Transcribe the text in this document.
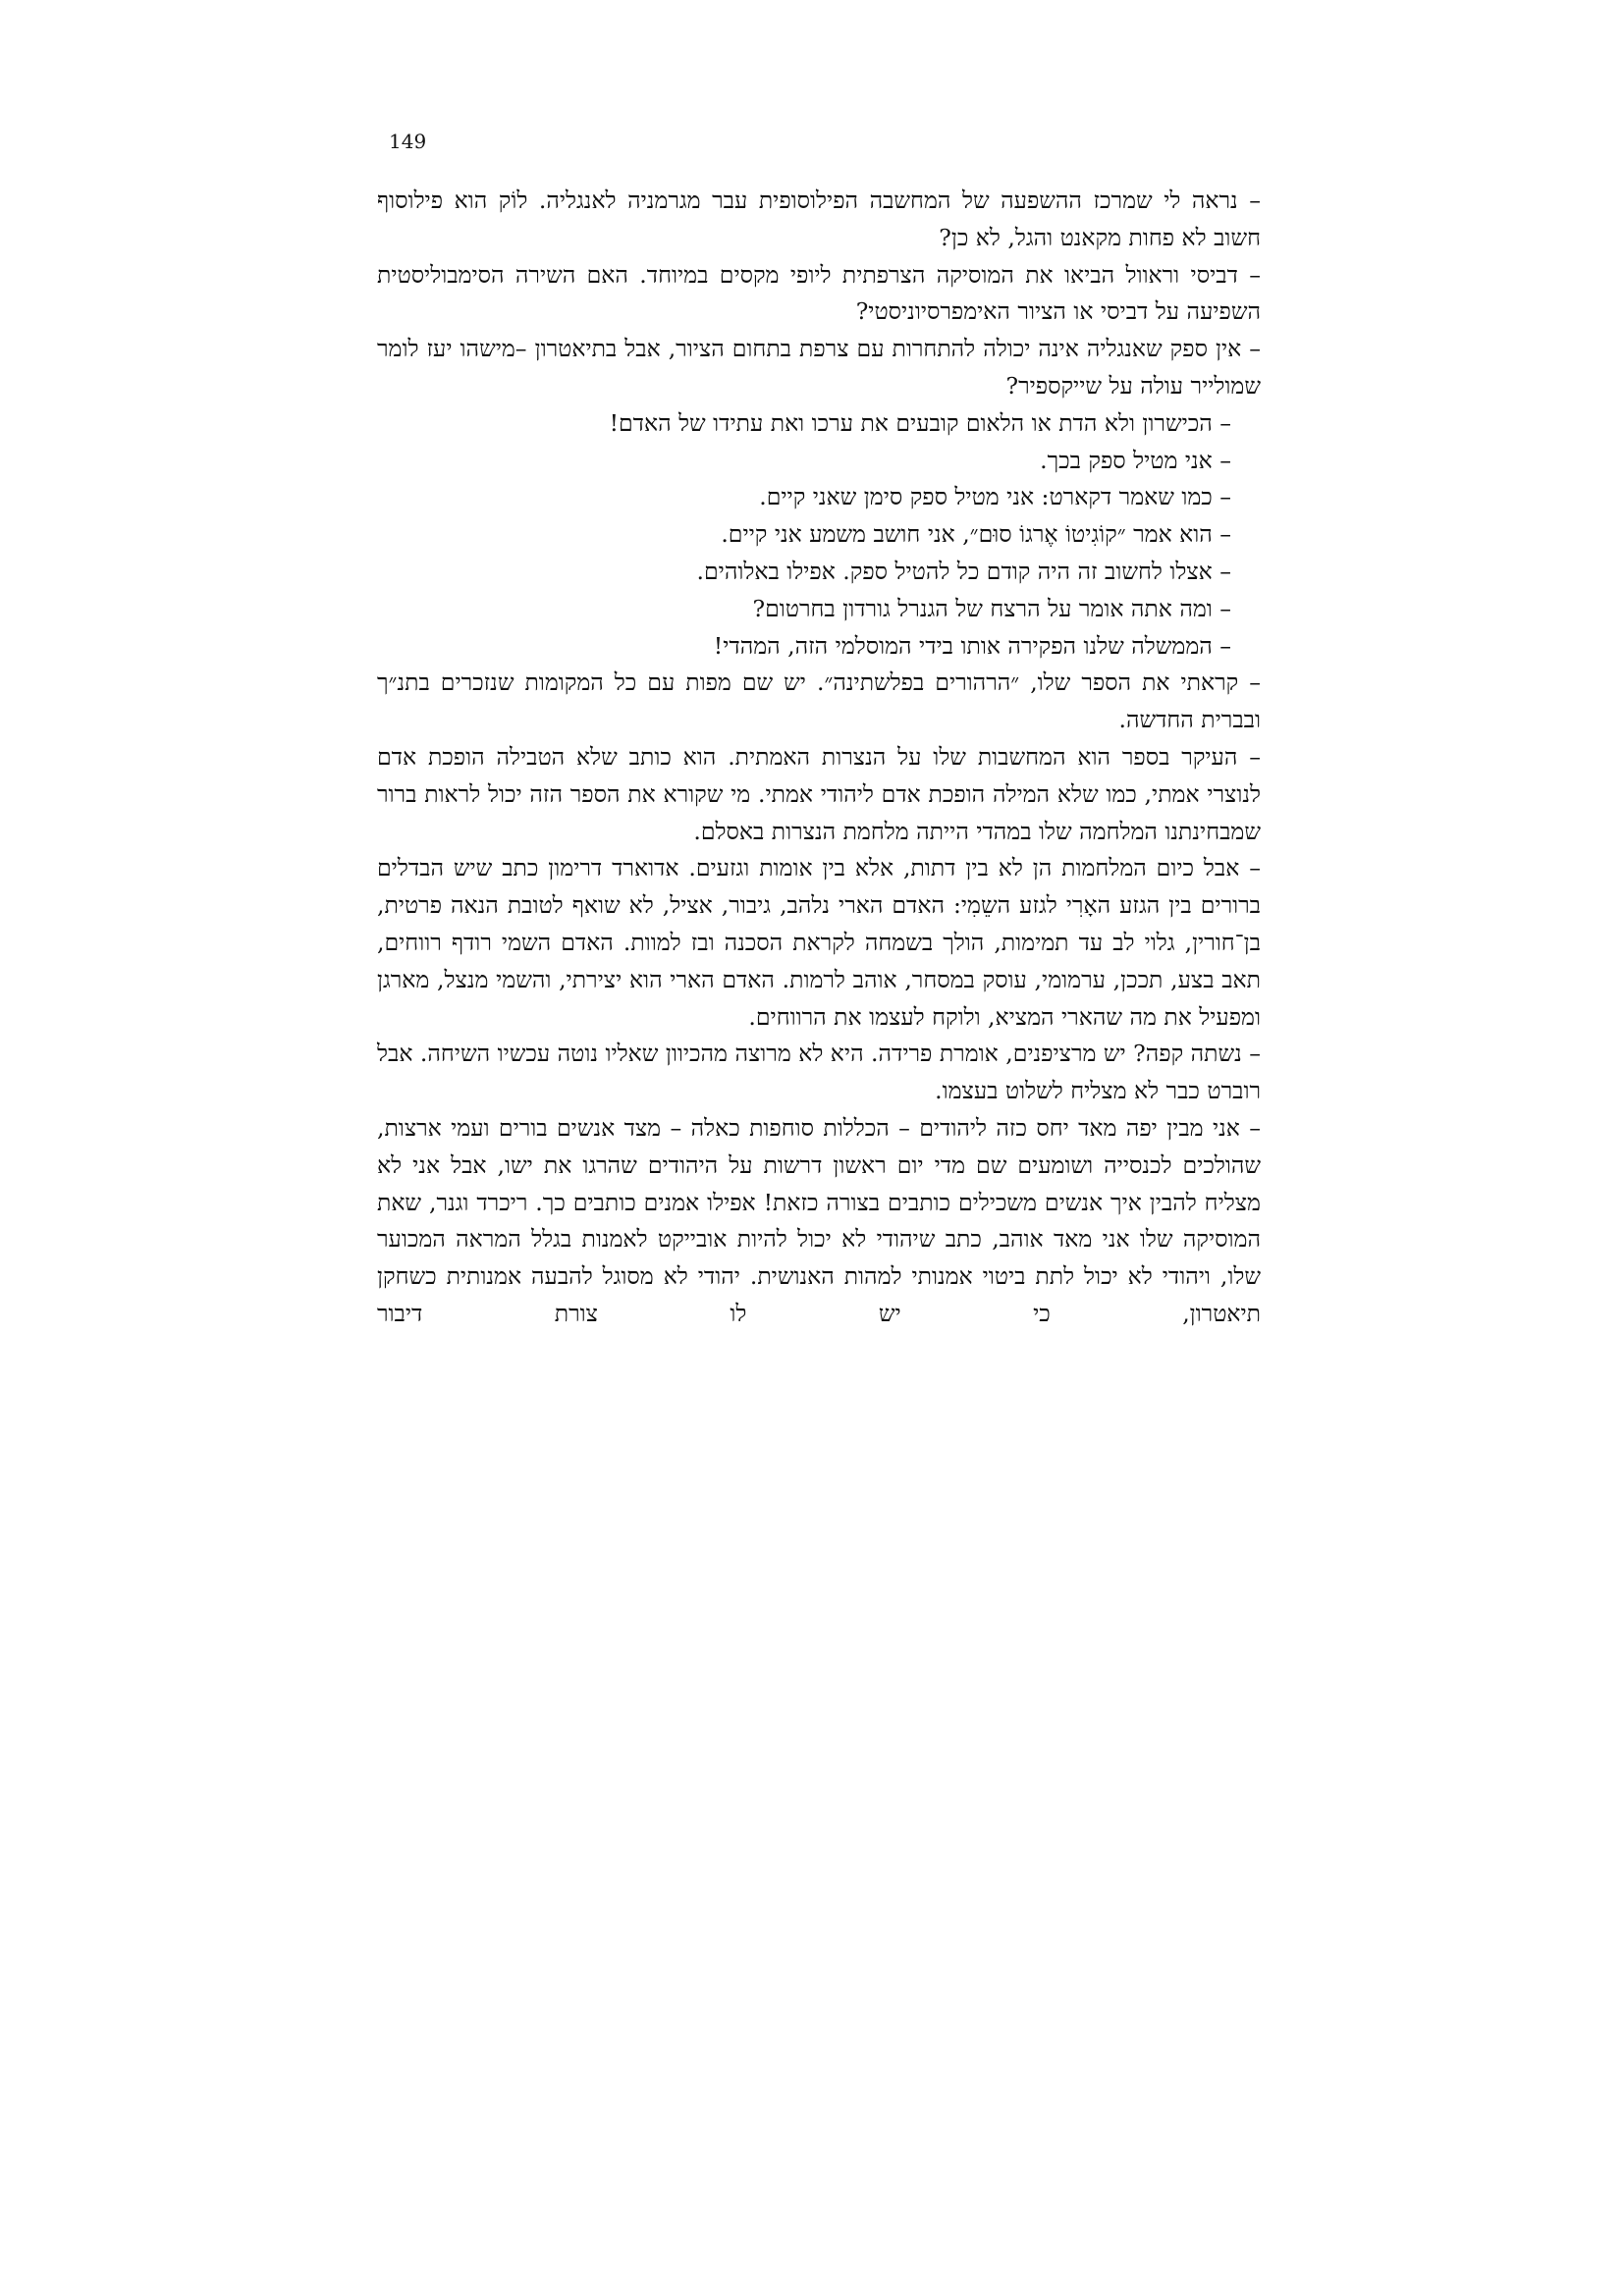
149

– נראה לי שמרכז ההשפעה של המחשבה הפילוסופית עבר מגרמניה לאנגליה. לוֹק הוא פילוסוף חשוב לא פחות מקאנט והגל, לא כן?

– דביסי וראוול הביאו את המוסיקה הצרפתית ליופי מקסים במיוחד. האם השירה הסימבוליסטית השפיעה על דביסי או הציור האימפרסיוניסטי?

– אין ספק שאנגליה אינה יכולה להתחרות עם צרפת בתחום הציור, אבל בתיאטרון –מישהו יעז לומר שמולייר עולה על שייקספיר?

– הכישרון ולא הדת או הלאום קובעים את ערכו ואת עתידו של האדם!

– אני מטיל ספק בכך.

– כמו שאמר דקארט: אני מטיל ספק סימן שאני קיים.

– הוא אמר ״קוֹגִיטוֹ אֶרגוֹ סוּם״, אני חושב משמע אני קיים.

– אצלו לחשוב זה היה קודם כל להטיל ספק. אפילו באלוהים.

– ומה אתה אומר על הרצח של הגנרל גורדון בחרטום?

– הממשלה שלנו הפקירה אותו בידי המוסלמי הזה, המהדי!

– קראתי את הספר שלו, ״הרהורים בפלשתינה״. יש שם מפות עם כל המקומות שנזכרים בתנ״ך ובברית החדשה.

– העיקר בספר הוא המחשבות שלו על הנצרות האמתית. הוא כותב שלא הטבילה הופכת אדם לנוצרי אמתי, כמו שלא המילה הופכת אדם ליהודי אמתי. מי שקורא את הספר הזה יכול לראות ברור שמבחינתנו המלחמה שלו במהדי הייתה מלחמת הנצרות באסלם.

– אבל כיום המלחמות הן לא בין דתות, אלא בין אומות וגזעים. אדוארד דרימון כתב שיש הבדלים ברורים בין הגזע האָרִי לגזע השֵמִי: האדם הארי נלהב, גיבור, אציל, לא שואף לטובת הנאה פרטית, בן־חורין, גלוי לב עד תמימות, הולך בשמחה לקראת הסכנה ובז למוות. האדם השמי רודף רווחים, תאב בצע, תככן, ערמומי, עוסק במסחר, אוהב לרמות. האדם הארי הוא יצירתי, והשמי מנצל, מארגן ומפעיל את מה שהארי המציא, ולוקח לעצמו את הרווחים.

– נשתה קפה? יש מרציפנים, אומרת פרידה. היא לא מרוצה מהכיוון שאליו נוטה עכשיו השיחה. אבל רוברט כבר לא מצליח לשלוט בעצמו.

– אני מבין יפה מאד יחס כזה ליהודים – הכללות סוחפות כאלה – מצד אנשים בורים ועמי ארצות, שהולכים לכנסייה ושומעים שם מדי יום ראשון דרשות על היהודים שהרגו את ישו, אבל אני לא מצליח להבין איך אנשים משכילים כותבים בצורה כזאת! אפילו אמנים כותבים כך. ריכרד וגנר, שאת המוסיקה שלו אני מאד אוהב, כתב שיהודי לא יכול להיות אובייקט לאמנות בגלל המראה המכוער שלו, ויהודי לא יכול לתת ביטוי אמנותי למהות האנושית. יהודי לא מסוגל להבעה אמנותית כשחקן תיאטרון, כי יש לו צורת דיבור
